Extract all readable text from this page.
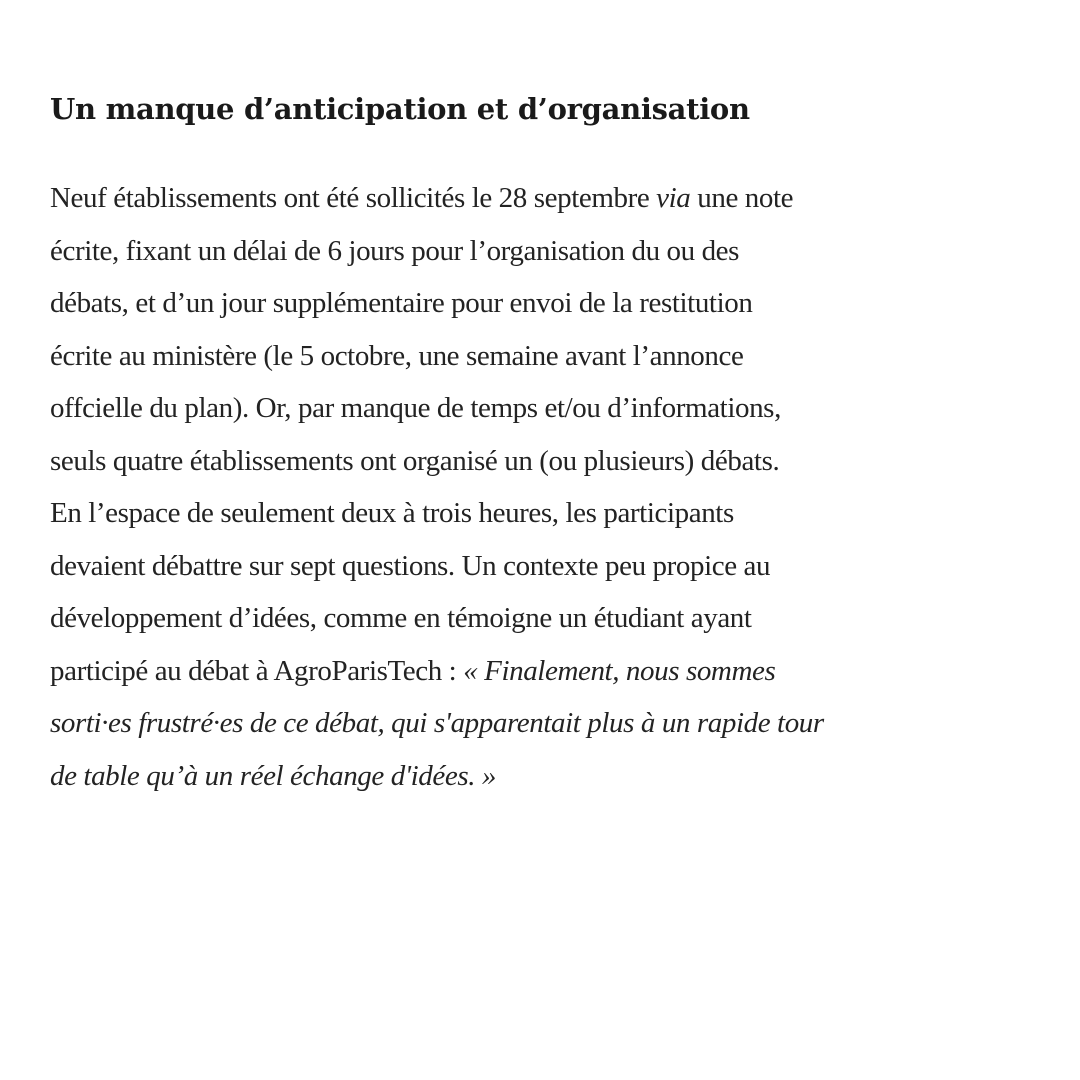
Un manque d’anticipation et d’organisation

Neuf établissements ont été sollicités le 28 septembre via une note
écrite, fixant un délai de 6 jours pour l’organisation du ou des
débats, et d’un jour supplémentaire pour envoi de la restitution
écrite au ministère (le 5 octobre, une semaine avant l’annonce
offcielle du plan). Or, par manque de temps et/ou d’informations,
seuls quatre établissements ont organisé un (ou plusieurs) débats.
En l’espace de seulement deux à trois heures, les participants
devaient débattre sur sept questions. Un contexte peu propice au
développement d’idées, comme en témoigne un étudiant ayant
participé au débat à AgroParisTech : « Finalement, nous sommes
sorti·es frustré·es de ce débat, qui s'apparentait plus à un rapide tour
de table qu’à un réel échange d'idées. »
